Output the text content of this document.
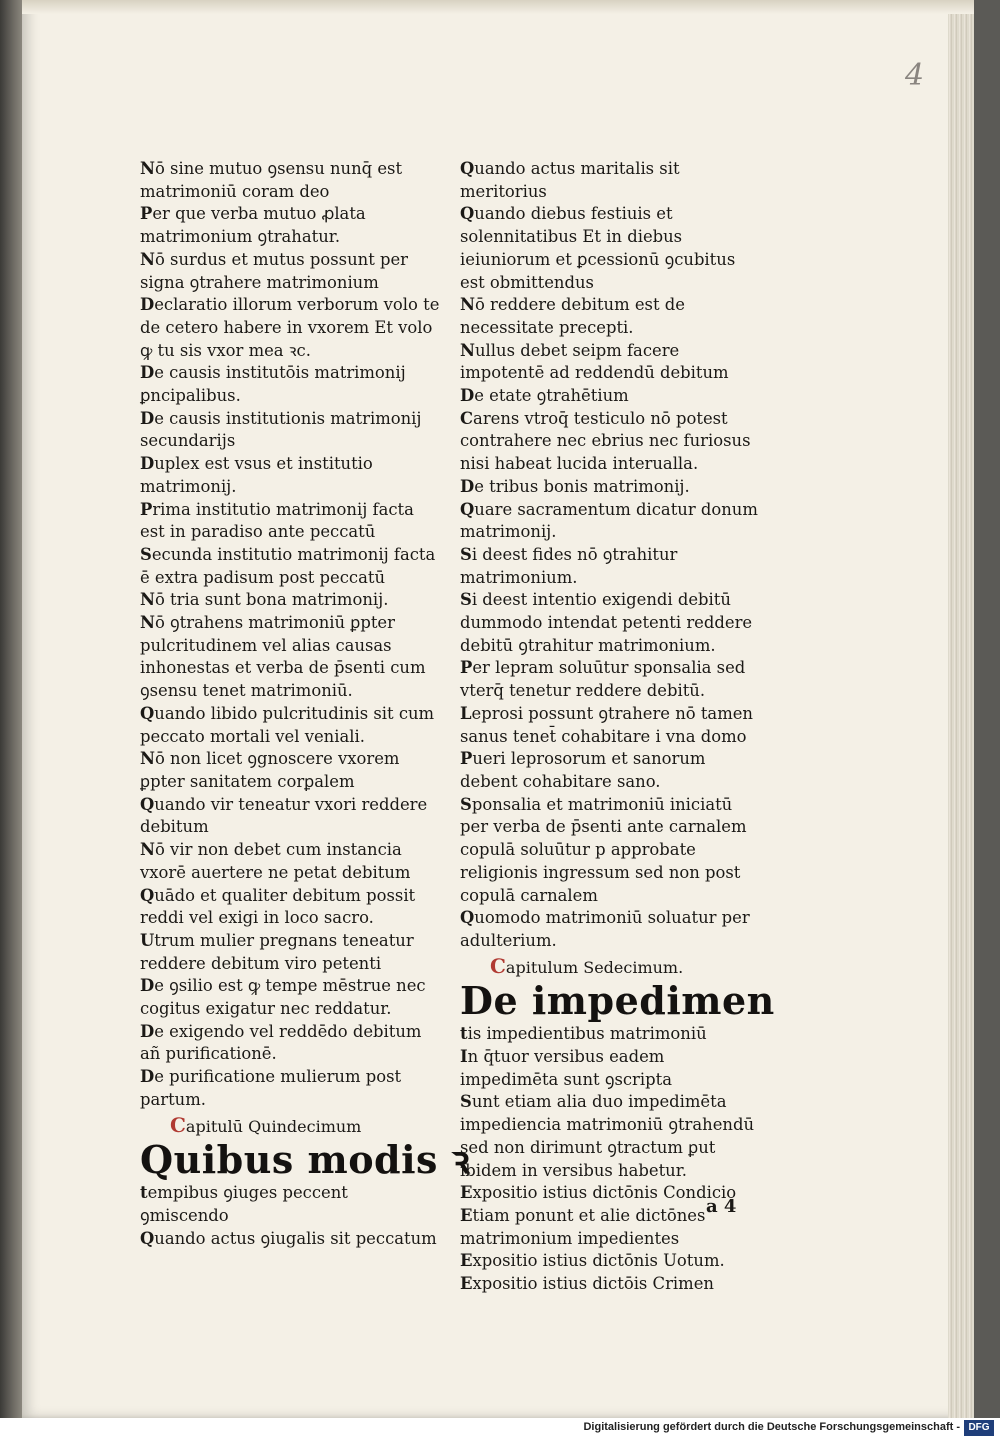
4

Nō sine mutuo ꝯsensu nunq̄ est matrimoniū coram deo

Per que verba mutuo ꝓlata matrimonium ꝯtrahatur.

Nō surdus et mutus possunt per signa ꝯtrahere matrimonium

Declaratio illorum verborum volo te de cetero habere in vxorem Et volo ꝙ tu sis vxor mea ꝛc.

De causis institutōis matrimonij ꝑncipalibus.

De causis institutionis matrimonij secundarijs

Duplex est vsus et institutio matrimonij.

Prima institutio matrimonij facta est in paradiso ante peccatū

Secunda institutio matrimonij facta ē extra padisum post peccatū

Nō tria sunt bona matrimonij.

Nō ꝯtrahens matrimoniū ꝑpter pulcritudinem vel alias causas inhonestas et verba de p̄senti cum ꝯsensu tenet matrimoniū.

Quando libido pulcritudinis sit cum peccato mortali vel veniali.

Nō non licet ꝯgnoscere vxorem ꝑpter sanitatem corꝑalem

Quando vir teneatur vxori reddere debitum

Nō vir non debet cum instancia vxorē auertere ne petat debitum

Quādo et qualiter debitum possit reddi vel exigi in loco sacro.

Utrum mulier pregnans teneatur reddere debitum viro petenti

De ꝯsilio est ꝙ tempe mēstrue nec cogitus exigatur nec reddatur.

De exigendo vel reddēdo debitum añ purificationē.

De purificatione mulierum post partum.

Capitulū Quindecimum

Quibus modis ꝛ

tempibus ꝯiuges peccent ꝯmiscendo

Quando actus ꝯiugalis sit peccatum

Quando actus maritalis sit meritorius

Quando diebus festiuis et solennitatibus Et in diebus ieiuniorum et ꝑcessionū ꝯcubitus est obmittendus

Nō reddere debitum est de necessitate precepti.

Nullus debet seipm facere impotentē ad reddendū debitum

De etate ꝯtrahētium

Carens vtroq̄ testiculo nō potest contrahere nec ebrius nec furiosus nisi habeat lucida interualla.

De tribus bonis matrimonij.

Quare sacramentum dicatur donum matrimonij.

Si deest fides nō ꝯtrahitur matrimonium.

Si deest intentio exigendi debitū dummodo intendat petenti reddere debitū ꝯtrahitur matrimonium.

Per lepram soluūtur sponsalia sed vterq̄ tenetur reddere debitū.

Leprosi possunt ꝯtrahere nō tamen sanus tenet̄ cohabitare i vna domo

Pueri leprosorum et sanorum debent cohabitare sano.

Sponsalia et matrimoniū iniciatū per verba de p̄senti ante carnalem copulā soluūtur p approbate religionis ingressum sed non post copulā carnalem

Quomodo matrimoniū soluatur per adulterium.

Capitulum Sedecimum.

De impedimen

tis impedientibus matrimoniū

In q̄tuor versibus eadem impedimēta sunt ꝯscripta

Sunt etiam alia duo impedimēta impediencia matrimoniū ꝯtrahendū sed non dirimunt ꝯtractum ꝑut ibidem in versibus habetur.

Expositio istius dictōnis Condicio

Etiam ponunt et alie dictōnes matrimonium impedientes

Expositio istius dictōnis Uotum.

Expositio istius dictōis Crimen

a 4
Digitalisierung gefördert durch die Deutsche Forschungsgemeinschaft - DFG
